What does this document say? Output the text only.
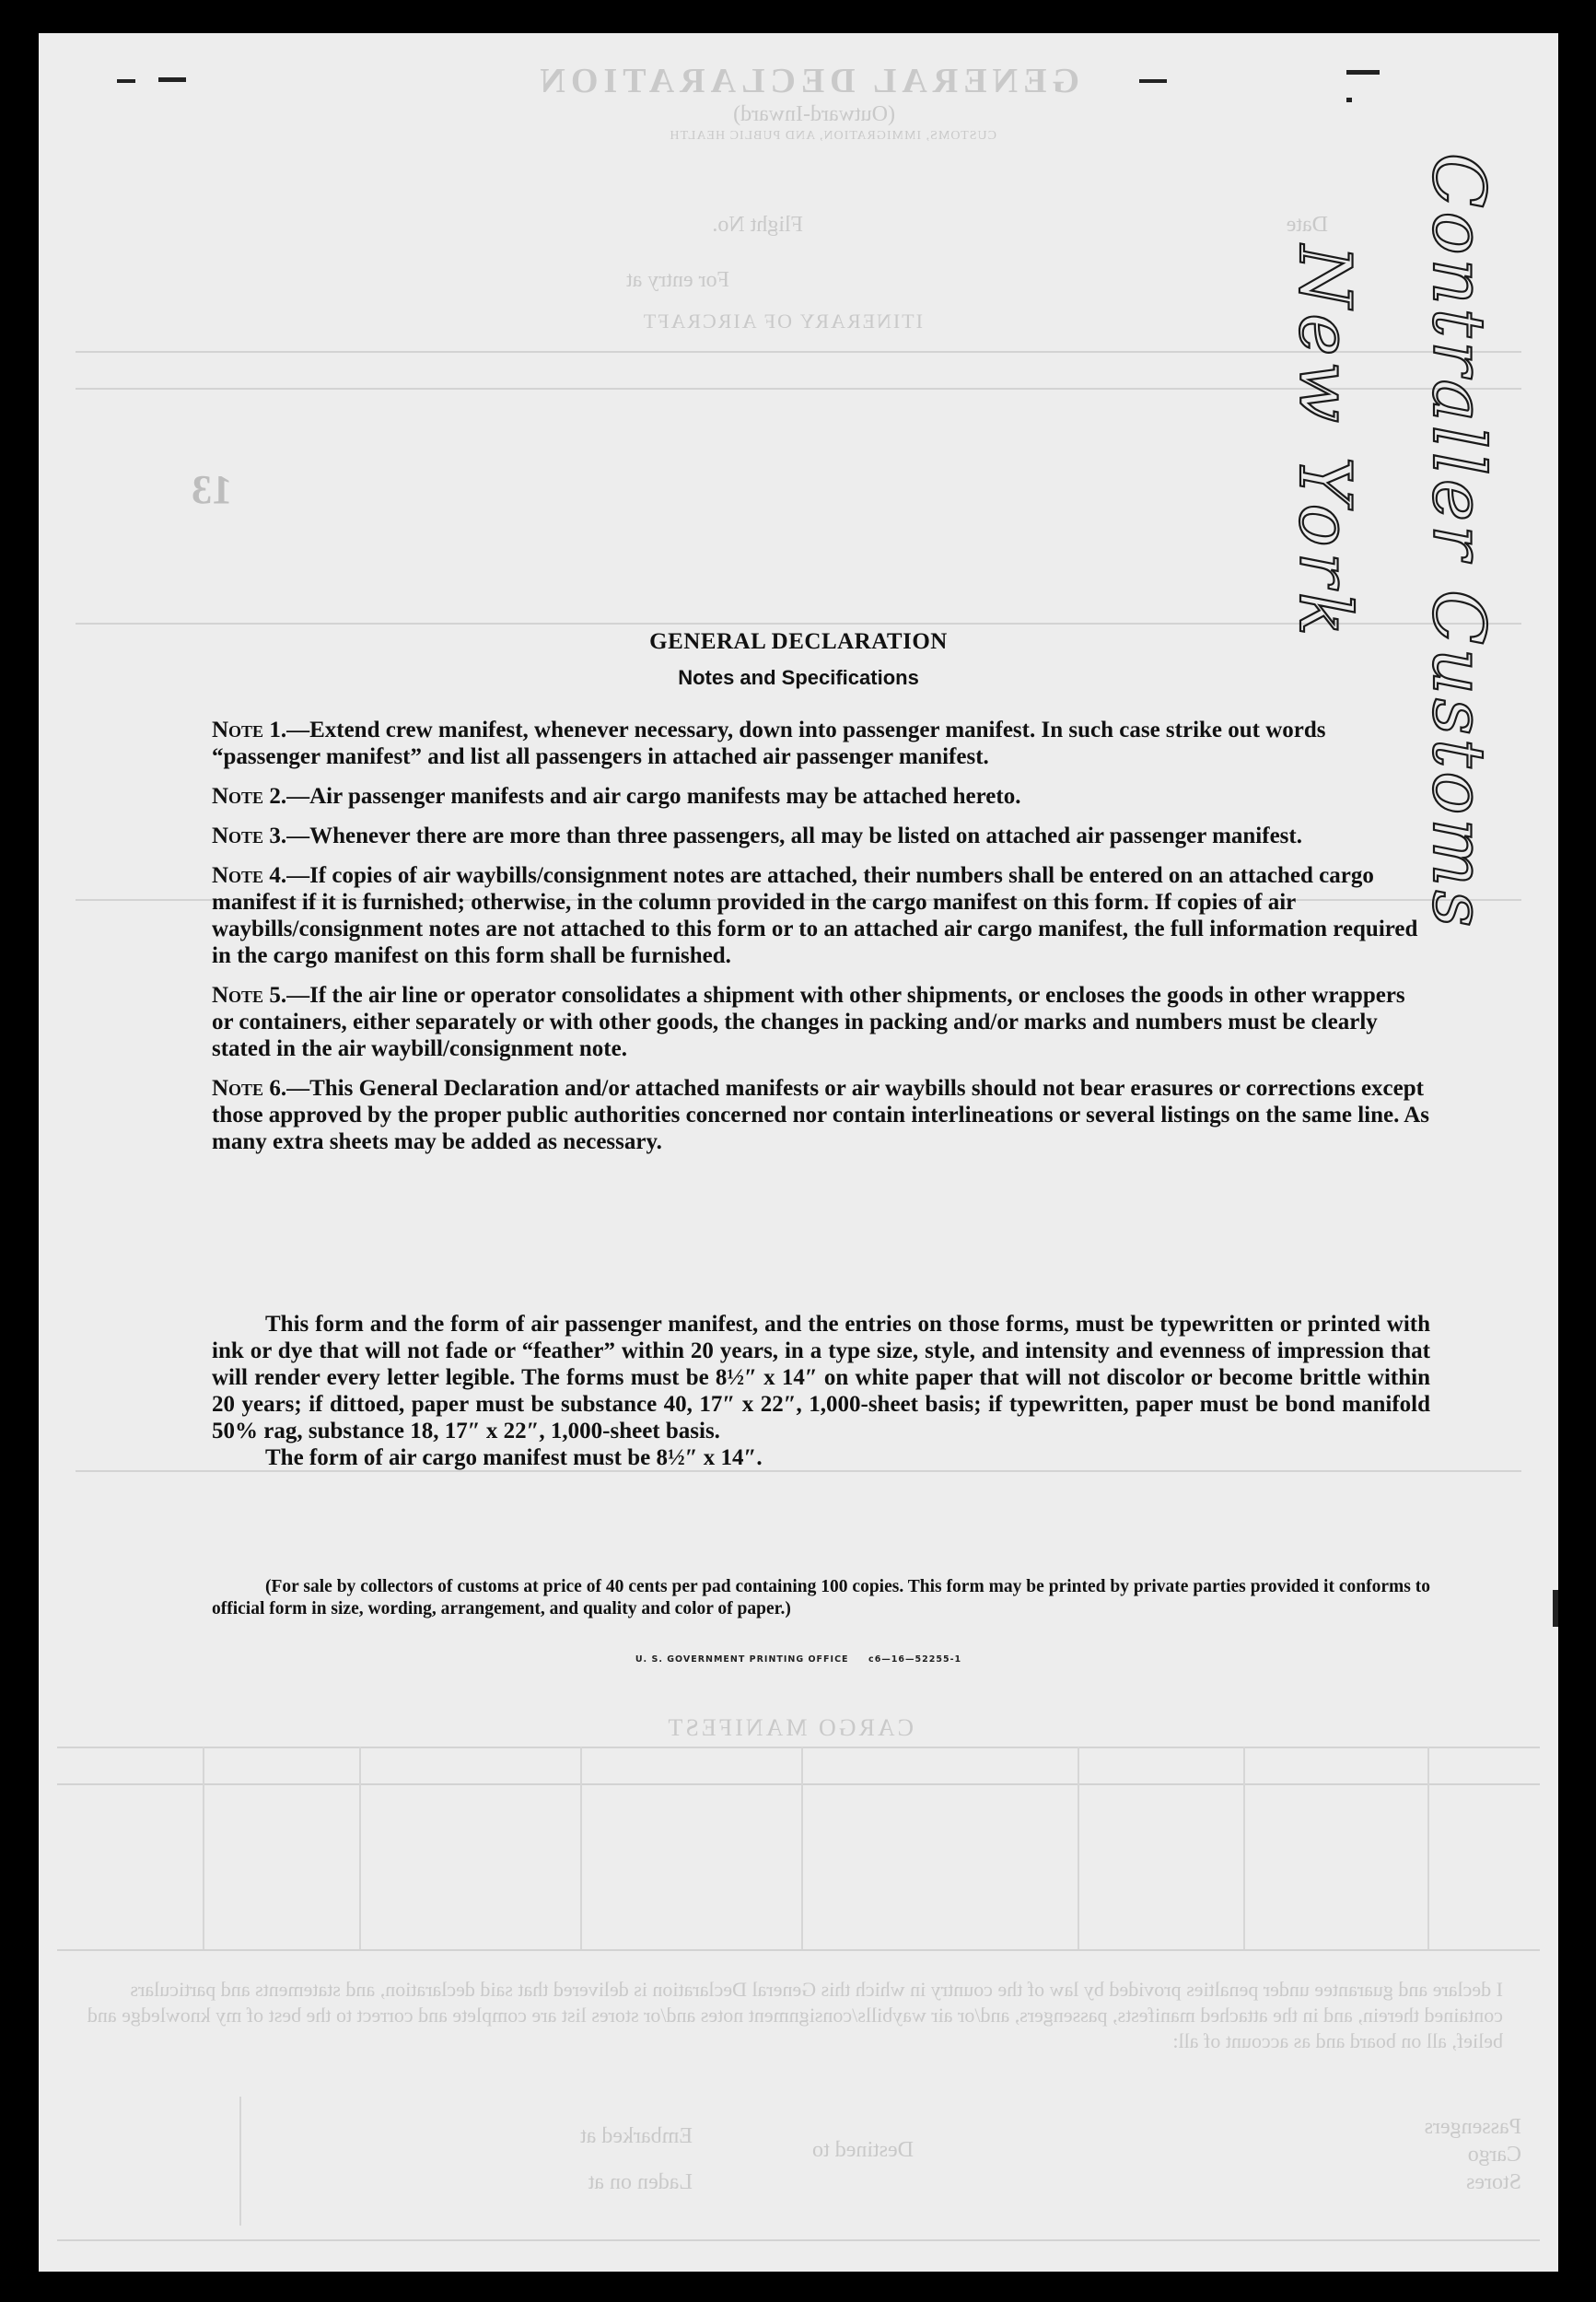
GENERAL DECLARATION
(Outward-Inward)
CUSTOMS, IMMIGRATION, AND PUBLIC HEALTH
Flight No.	Date
For entry at
ITINERARY OF AIRCRAFT
13
CARGO MANIFEST
I declare and guarantee under penalties provided by law of the country in which this General Declaration is delivered that said declaration, and statements and particulars contained therein, and in the attached manifests, passengers, and/or air waybills/consignment notes and/or stores list are complete and correct to the best of my knowledge and belief, all on board and as account of all:
Embarked at
Destined to
Laden on at
Passengers
Cargo
Stores
Contraller Customs
New York
GENERAL DECLARATION
Notes and Specifications
Note 1.—Extend crew manifest, whenever necessary, down into passenger manifest. In such case strike out words “passenger manifest” and list all passengers in attached air passenger manifest.
Note 2.—Air passenger manifests and air cargo manifests may be attached hereto.
Note 3.—Whenever there are more than three passengers, all may be listed on attached air passenger manifest.
Note 4.—If copies of air waybills/consignment notes are attached, their numbers shall be entered on an attached cargo manifest if it is furnished; otherwise, in the column provided in the cargo manifest on this form. If copies of air waybills/consignment notes are not attached to this form or to an attached air cargo manifest, the full information required in the cargo manifest on this form shall be furnished.
Note 5.—If the air line or operator consolidates a shipment with other shipments, or encloses the goods in other wrappers or containers, either separately or with other goods, the changes in packing and/or marks and numbers must be clearly stated in the air waybill/consignment note.
Note 6.—This General Declaration and/or attached manifests or air waybills should not bear erasures or corrections except those approved by the proper public authorities concerned nor contain interlineations or several listings on the same line. As many extra sheets may be added as necessary.

This form and the form of air passenger manifest, and the entries on those forms, must be typewritten or printed with ink or dye that will not fade or “feather” within 20 years, in a type size, style, and intensity and evenness of impression that will render every letter legible. The forms must be 8½″ x 14″ on white paper that will not discolor or become brittle within 20 years; if dittoed, paper must be substance 40, 17″ x 22″, 1,000-sheet basis; if typewritten, paper must be bond manifold 50% rag, substance 18, 17″ x 22″, 1,000-sheet basis.

The form of air cargo manifest must be 8½″ x 14″.

(For sale by collectors of customs at price of 40 cents per pad containing 100 copies. This form may be printed by private parties provided it conforms to official form in size, wording, arrangement, and quality and color of paper.)
U. S. GOVERNMENT PRINTING OFFICE     c6—16—52255-1
